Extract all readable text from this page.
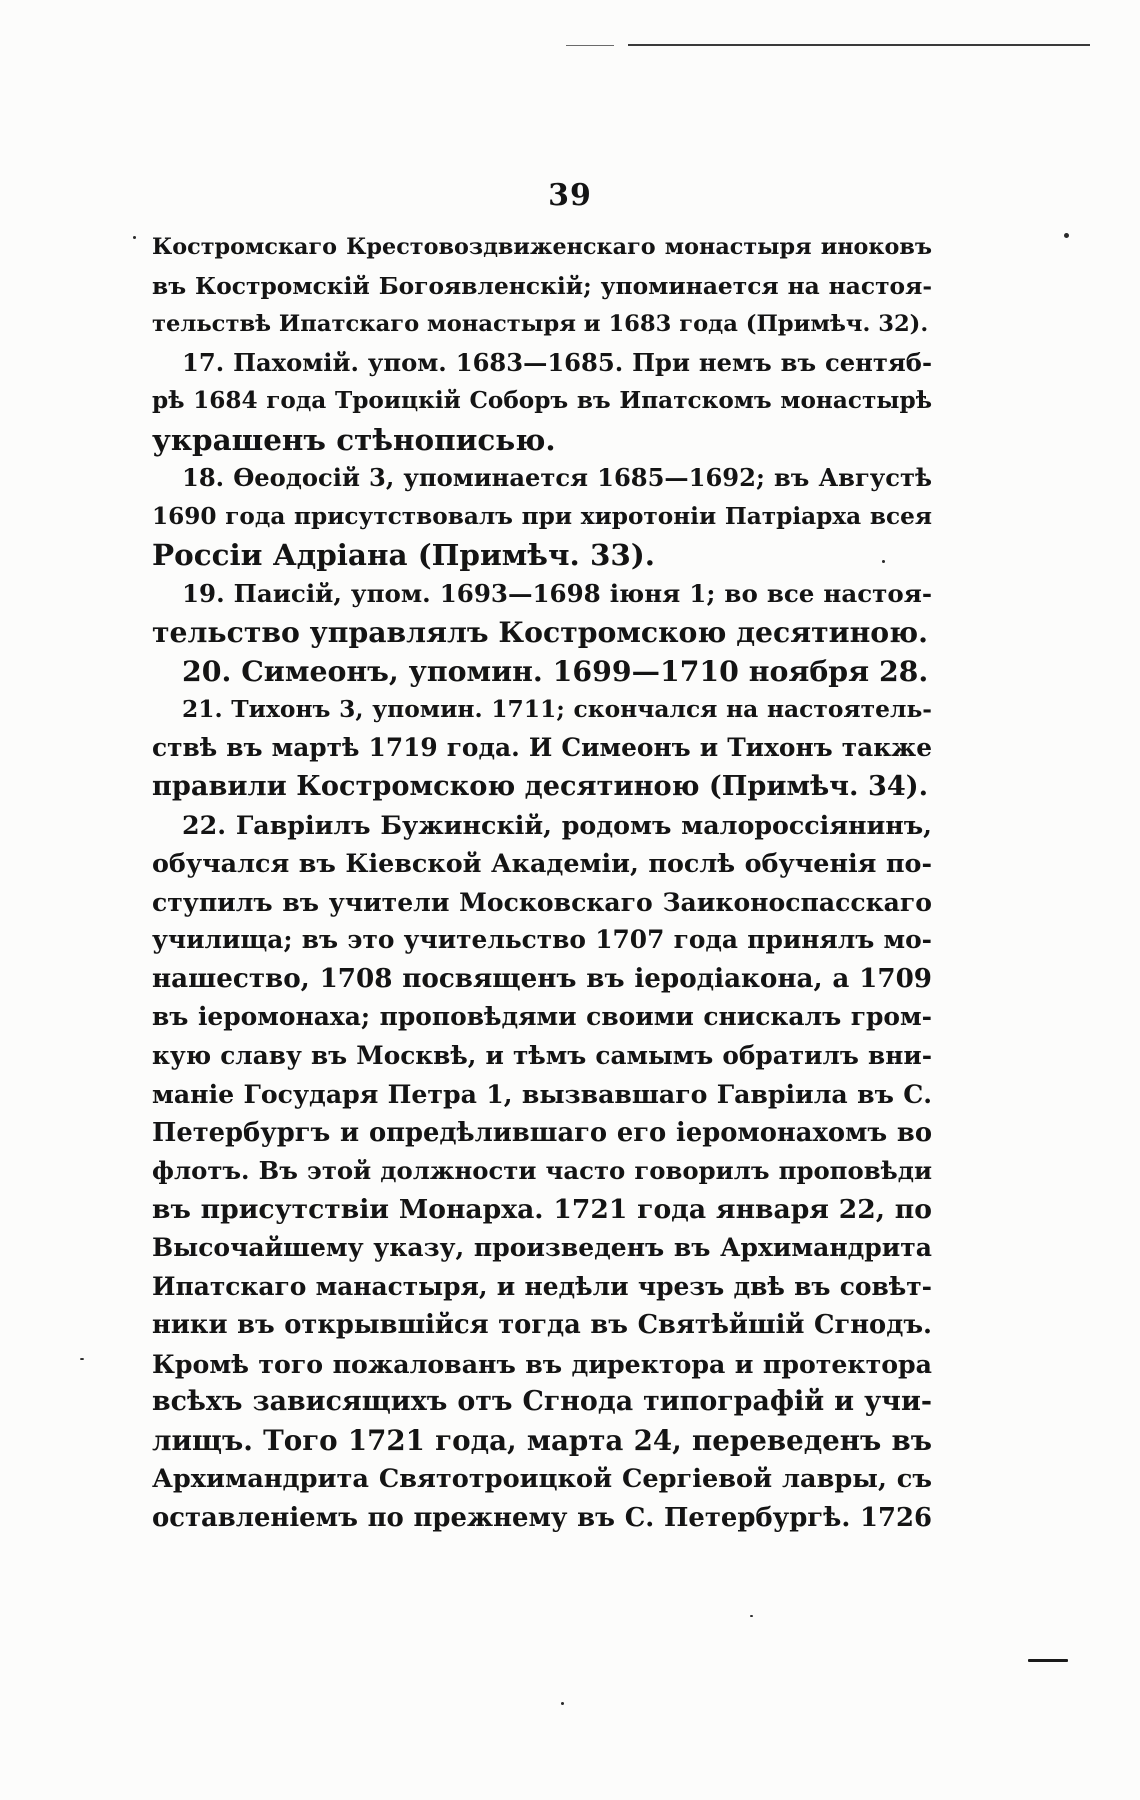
39
Костромскаго Крестовоздвиженскаго монастыря иноковъ
въ Костромскій Богоявленскій; упоминается на настоя-
тельствѣ Ипатскаго монастыря и 1683 года (Примѣч. 32).
17. Пахомій. упом. 1683—1685. При немъ въ сентяб-
рѣ 1684 года Троицкій Соборъ въ Ипатскомъ монастырѣ
украшенъ стѣнописью.
18. Ѳеодосій 3, упоминается 1685—1692; въ Августѣ
1690 года присутствовалъ при хиротоніи Патріарха всея
Россіи Адріана (Примѣч. 33).
19. Паисій, упом. 1693—1698 іюня 1; во все настоя-
тельство управлялъ Костромскою десятиною.
20. Симеонъ, упомин. 1699—1710 ноября 28.
21. Тихонъ 3, упомин. 1711; скончался на настоятель-
ствѣ въ мартѣ 1719 года. И Симеонъ и Тихонъ также
правили Костромскою десятиною (Примѣч. 34).
22. Гавріилъ Бужинскій, родомъ малороссіянинъ,
обучался въ Кіевской Академіи, послѣ обученія по-
ступилъ въ учители Московскаго Заиконоспасскаго
училища; въ это учительство 1707 года принялъ мо-
нашество, 1708 посвященъ въ іеродіакона, а 1709
въ іеромонаха; проповѣдями своими снискалъ гром-
кую славу въ Москвѣ, и тѣмъ самымъ обратилъ вни-
маніе Государя Петра 1, вызвавшаго Гавріила въ С.
Петербургъ и опредѣлившаго его іеромонахомъ во
флотъ. Въ этой должности часто говорилъ проповѣди
въ присутствіи Монарха. 1721 года января 22, по
Высочайшему указу, произведенъ въ Архимандрита
Ипатскаго манастыря, и недѣли чрезъ двѣ въ совѣт-
ники въ открывшійся тогда въ Святѣйшій Сгнодъ.
Кромѣ того пожалованъ въ директора и протектора
всѣхъ зависящихъ отъ Сгнода типографій и учи-
лищъ. Того 1721 года, марта 24, переведенъ въ
Архимандрита Святотроицкой Сергіевой лавры, съ
оставленіемъ по прежнему въ С. Петербургѣ. 1726
